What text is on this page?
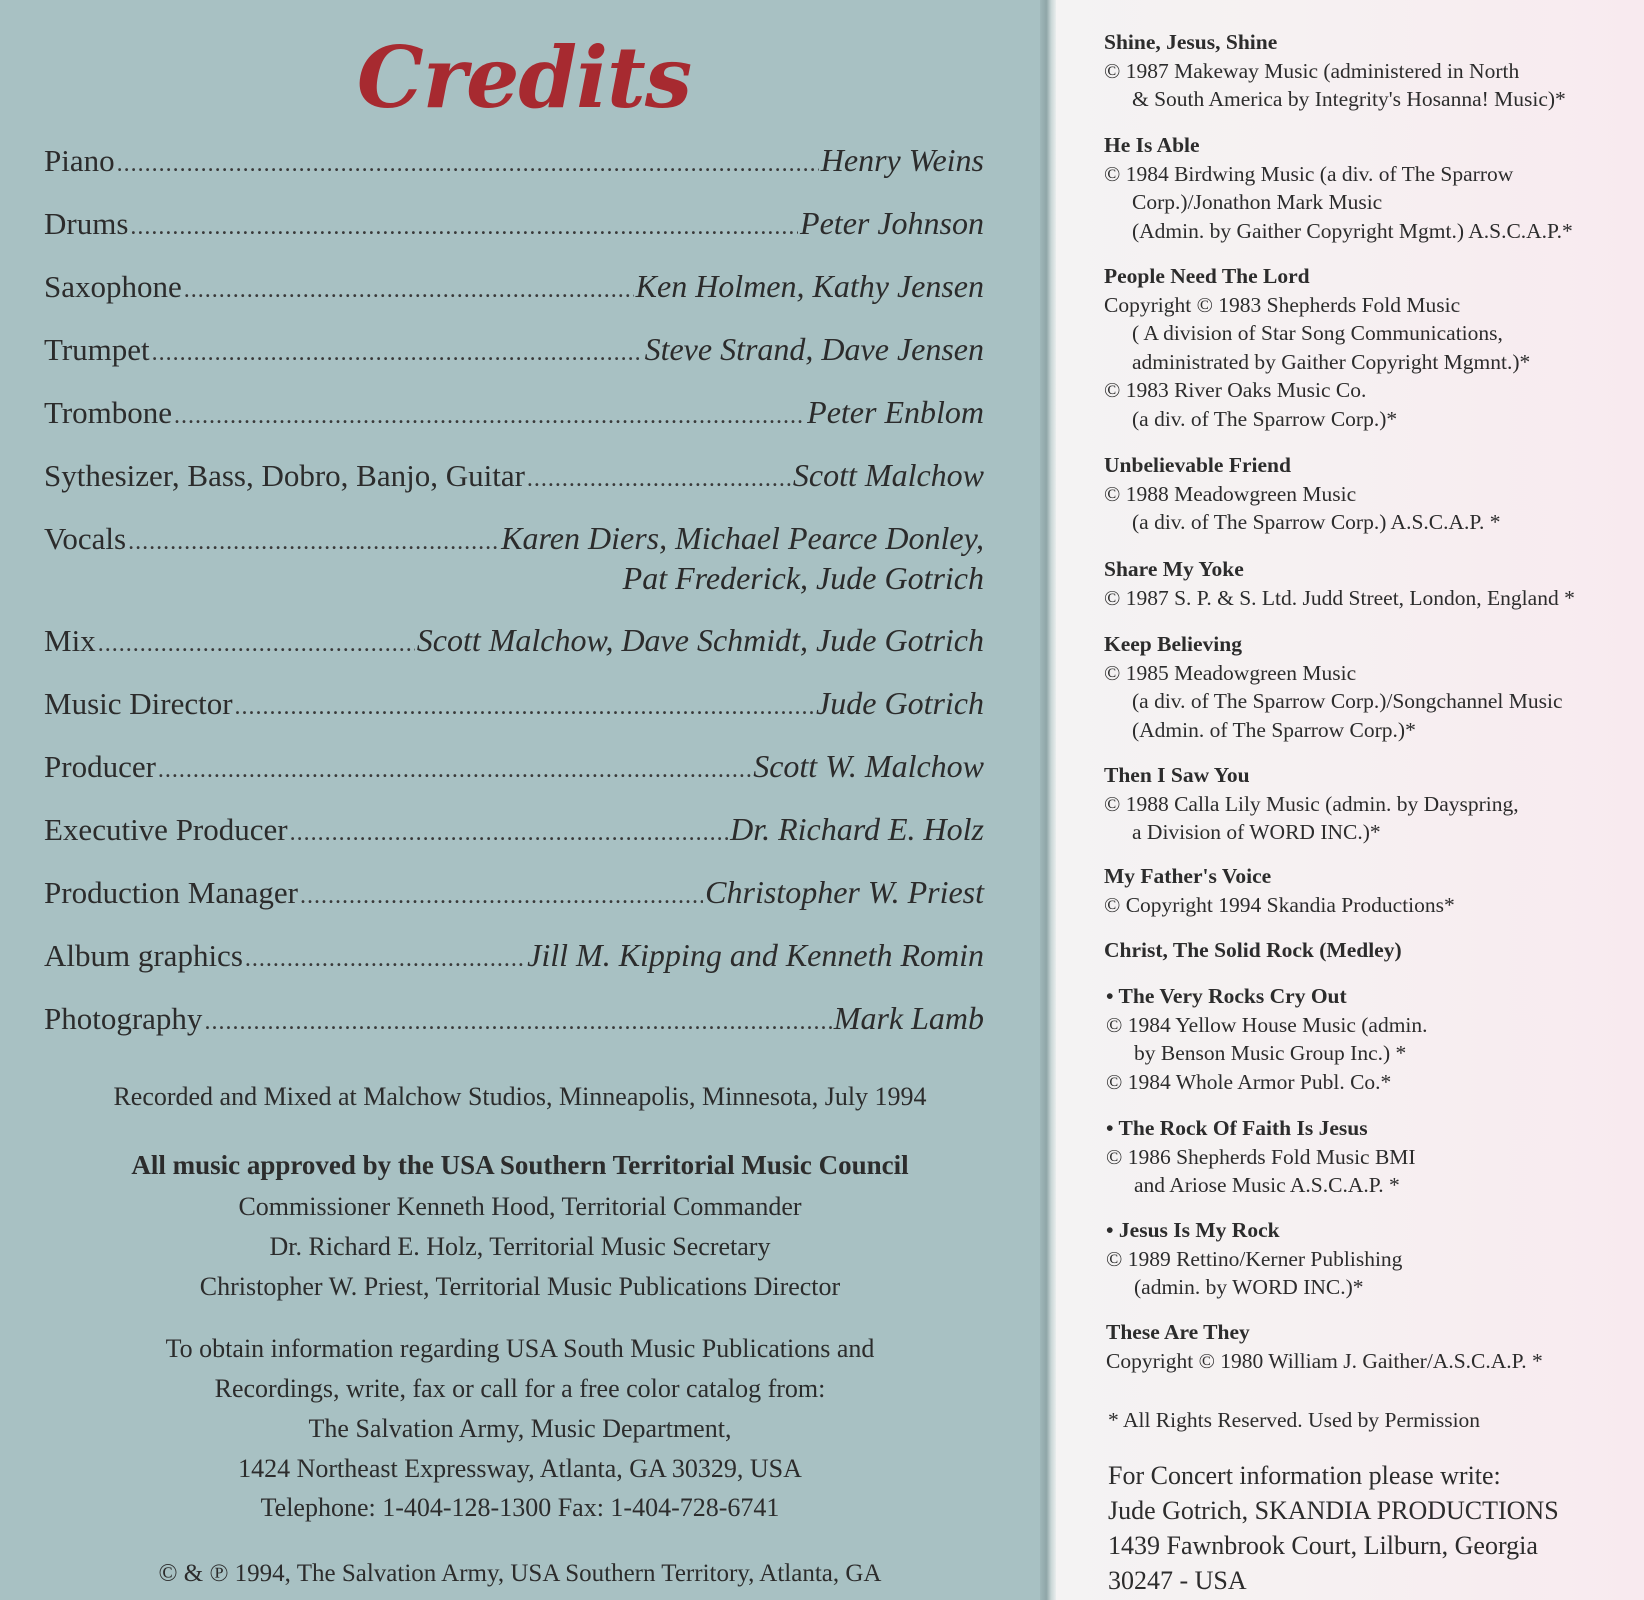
Credits
Piano .....	Henry Weins
Drums .....	Peter Johnson
Saxophone .....	Ken Holmen, Kathy Jensen
Trumpet .....	Steve Strand, Dave Jensen
Trombone .....	Peter Enblom
Sythesizer, Bass, Dobro, Banjo, Guitar .....	Scott Malchow
Vocals .....	Karen Diers, Michael Pearce Donley,
Pat Frederick, Jude Gotrich
Mix .....	Scott Malchow, Dave Schmidt, Jude Gotrich
Music Director .....	Jude Gotrich
Producer .....	Scott W. Malchow
Executive Producer .....	Dr. Richard E. Holz
Production Manager .....	Christopher W. Priest
Album graphics .....	Jill M. Kipping and Kenneth Romin
Photography .....	Mark Lamb
Recorded and Mixed at Malchow Studios, Minneapolis, Minnesota, July 1994
All music approved by the USA Southern Territorial Music Council
Commissioner Kenneth Hood, Territorial Commander
Dr. Richard E. Holz, Territorial Music Secretary
Christopher W. Priest, Territorial Music Publications Director
To obtain information regarding USA South Music Publications and
Recordings, write, fax or call for a free color catalog from:
The Salvation Army, Music Department,
1424 Northeast Expressway, Atlanta, GA 30329, USA
Telephone: 1-404-128-1300 Fax: 1-404-728-6741
© & ℗ 1994, The Salvation Army, USA Southern Territory, Atlanta, GA
Shine, Jesus, Shine
© 1987 Makeway Music (administered in North
& South America by Integrity's Hosanna! Music)*
He Is Able
© 1984 Birdwing Music (a div. of The Sparrow
Corp.)/Jonathon Mark Music
(Admin. by Gaither Copyright Mgmt.) A.S.C.A.P.*
People Need The Lord
Copyright © 1983 Shepherds Fold Music
( A division of Star Song Communications,
administrated by Gaither Copyright Mgmnt.)*
© 1983 River Oaks Music Co.
(a div. of The Sparrow Corp.)*
Unbelievable Friend
© 1988 Meadowgreen Music
(a div. of The Sparrow Corp.) A.S.C.A.P. *
Share My Yoke
© 1987 S. P. & S. Ltd. Judd Street, London, England *
Keep Believing
© 1985 Meadowgreen Music
(a div. of The Sparrow Corp.)/Songchannel Music
(Admin. of The Sparrow Corp.)*
Then I Saw You
© 1988 Calla Lily Music (admin. by Dayspring,
a Division of WORD INC.)*
My Father's Voice
© Copyright 1994 Skandia Productions*
Christ, The Solid Rock (Medley)
• The Very Rocks Cry Out
© 1984 Yellow House Music (admin.
by Benson Music Group Inc.) *
© 1984 Whole Armor Publ. Co.*
• The Rock Of Faith Is Jesus
© 1986 Shepherds Fold Music BMI
and Ariose Music A.S.C.A.P. *
• Jesus Is My Rock
© 1989 Rettino/Kerner Publishing
(admin. by WORD INC.)*
These Are They
Copyright © 1980 William J. Gaither/A.S.C.A.P. *
* All Rights Reserved. Used by Permission
For Concert information please write:
Jude Gotrich, SKANDIA PRODUCTIONS
1439 Fawnbrook Court, Lilburn, Georgia
30247 - USA
